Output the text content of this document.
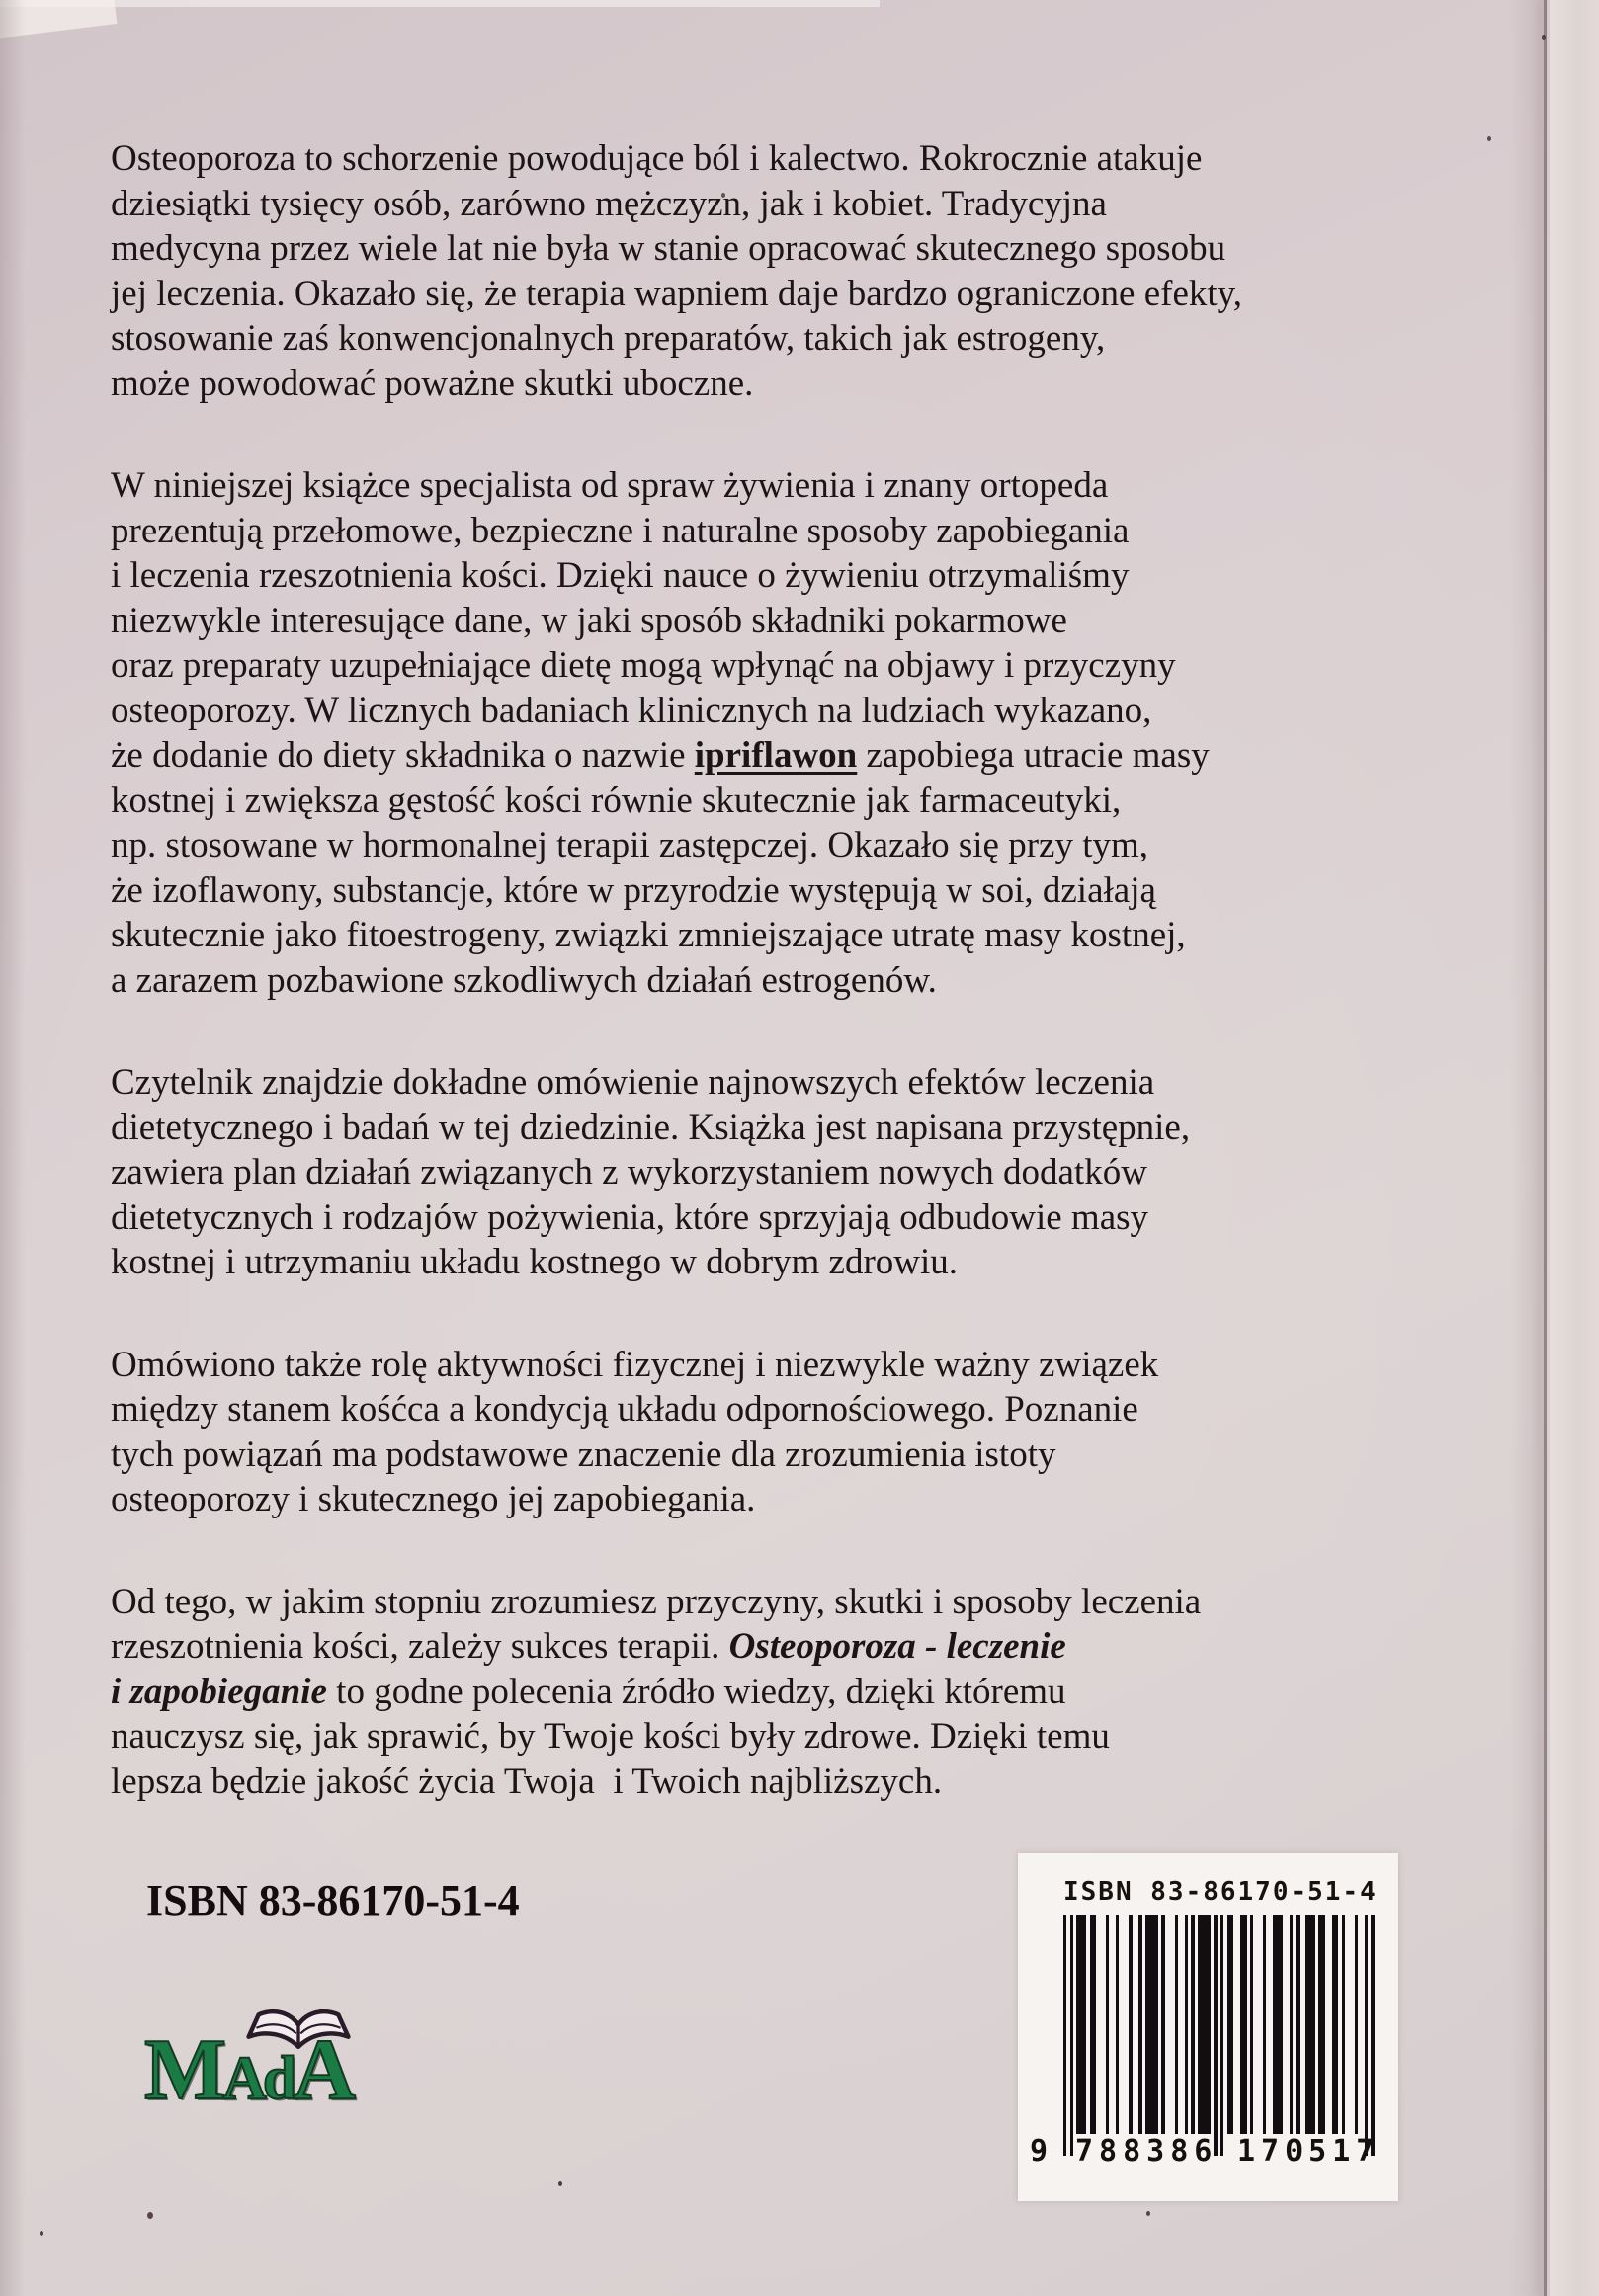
Osteoporoza to schorzenie powodujące ból i kalectwo. Rokrocznie atakuje
dziesiątki tysięcy osób, zarówno mężczyzn, jak i kobiet. Tradycyjna
medycyna przez wiele lat nie była w stanie opracować skutecznego sposobu
jej leczenia. Okazało się, że terapia wapniem daje bardzo ograniczone efekty,
stosowanie zaś konwencjonalnych preparatów, takich jak estrogeny,
może powodować poważne skutki uboczne.

W niniejszej książce specjalista od spraw żywienia i znany ortopeda
prezentują przełomowe, bezpieczne i naturalne sposoby zapobiegania
i leczenia rzeszotnienia kości. Dzięki nauce o żywieniu otrzymaliśmy
niezwykle interesujące dane, w jaki sposób składniki pokarmowe
oraz preparaty uzupełniające dietę mogą wpłynąć na objawy i przyczyny
osteoporozy. W licznych badaniach klinicznych na ludziach wykazano,
że dodanie do diety składnika o nazwie ipriflawon zapobiega utracie masy
kostnej i zwiększa gęstość kości równie skutecznie jak farmaceutyki,
np. stosowane w hormonalnej terapii zastępczej. Okazało się przy tym,
że izoflawony, substancje, które w przyrodzie występują w soi, działają
skutecznie jako fitoestrogeny, związki zmniejszające utratę masy kostnej,
a zarazem pozbawione szkodliwych działań estrogenów.

Czytelnik znajdzie dokładne omówienie najnowszych efektów leczenia
dietetycznego i badań w tej dziedzinie. Książka jest napisana przystępnie,
zawiera plan działań związanych z wykorzystaniem nowych dodatków
dietetycznych i rodzajów pożywienia, które sprzyjają odbudowie masy
kostnej i utrzymaniu układu kostnego w dobrym zdrowiu.

Omówiono także rolę aktywności fizycznej i niezwykle ważny związek
między stanem kośćca a kondycją układu odpornościowego. Poznanie
tych powiązań ma podstawowe znaczenie dla zrozumienia istoty
osteoporozy i skutecznego jej zapobiegania.

Od tego, w jakim stopniu zrozumiesz przyczyny, skutki i sposoby leczenia
rzeszotnienia kości, zależy sukces terapii. Osteoporoza - leczenie
i zapobieganie to godne polecenia źródło wiedzy, dzięki któremu
nauczysz się, jak sprawić, by Twoje kości były zdrowe. Dzięki temu
lepsza będzie jakość życia Twoja  i Twoich najbliższych.

ISBN 83-86170-51-4
MAdA
ISBN 83-86170-51-4
9 788386 170517
